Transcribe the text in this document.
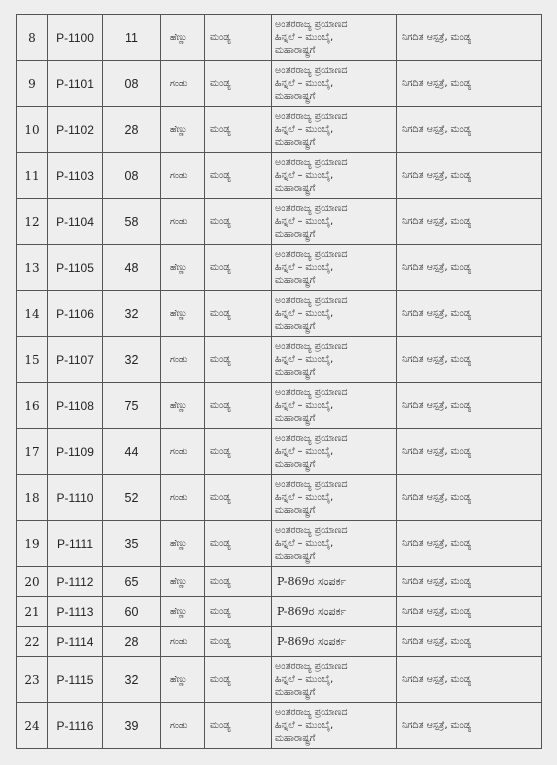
8	P-1100	11	ಹೆಣ್ಣು	ಮಂಡ್ಯ	ಅಂತರರಾಜ್ಯ ಪ್ರಯಾಣದ
ಹಿನ್ನಲೆ – ಮುಂಬೈ,
ಮಹಾರಾಷ್ಟ್ರಗೆ	ನಿಗದಿತ ಆಸ್ಪತ್ರೆ, ಮಂಡ್ಯ
9	P-1101	08	ಗಂಡು	ಮಂಡ್ಯ	ಅಂತರರಾಜ್ಯ ಪ್ರಯಾಣದ
ಹಿನ್ನಲೆ – ಮುಂಬೈ,
ಮಹಾರಾಷ್ಟ್ರಗೆ	ನಿಗದಿತ ಆಸ್ಪತ್ರೆ, ಮಂಡ್ಯ
10	P-1102	28	ಹೆಣ್ಣು	ಮಂಡ್ಯ	ಅಂತರರಾಜ್ಯ ಪ್ರಯಾಣದ
ಹಿನ್ನಲೆ – ಮುಂಬೈ,
ಮಹಾರಾಷ್ಟ್ರಗೆ	ನಿಗದಿತ ಆಸ್ಪತ್ರೆ, ಮಂಡ್ಯ
11	P-1103	08	ಗಂಡು	ಮಂಡ್ಯ	ಅಂತರರಾಜ್ಯ ಪ್ರಯಾಣದ
ಹಿನ್ನಲೆ – ಮುಂಬೈ,
ಮಹಾರಾಷ್ಟ್ರಗೆ	ನಿಗದಿತ ಆಸ್ಪತ್ರೆ, ಮಂಡ್ಯ
12	P-1104	58	ಗಂಡು	ಮಂಡ್ಯ	ಅಂತರರಾಜ್ಯ ಪ್ರಯಾಣದ
ಹಿನ್ನಲೆ – ಮುಂಬೈ,
ಮಹಾರಾಷ್ಟ್ರಗೆ	ನಿಗದಿತ ಆಸ್ಪತ್ರೆ, ಮಂಡ್ಯ
13	P-1105	48	ಹೆಣ್ಣು	ಮಂಡ್ಯ	ಅಂತರರಾಜ್ಯ ಪ್ರಯಾಣದ
ಹಿನ್ನಲೆ – ಮುಂಬೈ,
ಮಹಾರಾಷ್ಟ್ರಗೆ	ನಿಗದಿತ ಆಸ್ಪತ್ರೆ, ಮಂಡ್ಯ
14	P-1106	32	ಹೆಣ್ಣು	ಮಂಡ್ಯ	ಅಂತರರಾಜ್ಯ ಪ್ರಯಾಣದ
ಹಿನ್ನಲೆ – ಮುಂಬೈ,
ಮಹಾರಾಷ್ಟ್ರಗೆ	ನಿಗದಿತ ಆಸ್ಪತ್ರೆ, ಮಂಡ್ಯ
15	P-1107	32	ಗಂಡು	ಮಂಡ್ಯ	ಅಂತರರಾಜ್ಯ ಪ್ರಯಾಣದ
ಹಿನ್ನಲೆ – ಮುಂಬೈ,
ಮಹಾರಾಷ್ಟ್ರಗೆ	ನಿಗದಿತ ಆಸ್ಪತ್ರೆ, ಮಂಡ್ಯ
16	P-1108	75	ಹೆಣ್ಣು	ಮಂಡ್ಯ	ಅಂತರರಾಜ್ಯ ಪ್ರಯಾಣದ
ಹಿನ್ನಲೆ – ಮುಂಬೈ,
ಮಹಾರಾಷ್ಟ್ರಗೆ	ನಿಗದಿತ ಆಸ್ಪತ್ರೆ, ಮಂಡ್ಯ
17	P-1109	44	ಗಂಡು	ಮಂಡ್ಯ	ಅಂತರರಾಜ್ಯ ಪ್ರಯಾಣದ
ಹಿನ್ನಲೆ – ಮುಂಬೈ,
ಮಹಾರಾಷ್ಟ್ರಗೆ	ನಿಗದಿತ ಆಸ್ಪತ್ರೆ, ಮಂಡ್ಯ
18	P-1110	52	ಗಂಡು	ಮಂಡ್ಯ	ಅಂತರರಾಜ್ಯ ಪ್ರಯಾಣದ
ಹಿನ್ನಲೆ – ಮುಂಬೈ,
ಮಹಾರಾಷ್ಟ್ರಗೆ	ನಿಗದಿತ ಆಸ್ಪತ್ರೆ, ಮಂಡ್ಯ
19	P-1111	35	ಹೆಣ್ಣು	ಮಂಡ್ಯ	ಅಂತರರಾಜ್ಯ ಪ್ರಯಾಣದ
ಹಿನ್ನಲೆ – ಮುಂಬೈ,
ಮಹಾರಾಷ್ಟ್ರಗೆ	ನಿಗದಿತ ಆಸ್ಪತ್ರೆ, ಮಂಡ್ಯ
20	P-1112	65	ಹೆಣ್ಣು	ಮಂಡ್ಯ	P-869ರ ಸಂಪರ್ಕ	ನಿಗದಿತ ಆಸ್ಪತ್ರೆ, ಮಂಡ್ಯ
21	P-1113	60	ಹೆಣ್ಣು	ಮಂಡ್ಯ	P-869ರ ಸಂಪರ್ಕ	ನಿಗದಿತ ಆಸ್ಪತ್ರೆ, ಮಂಡ್ಯ
22	P-1114	28	ಗಂಡು	ಮಂಡ್ಯ	P-869ರ ಸಂಪರ್ಕ	ನಿಗದಿತ ಆಸ್ಪತ್ರೆ, ಮಂಡ್ಯ
23	P-1115	32	ಹೆಣ್ಣು	ಮಂಡ್ಯ	ಅಂತರರಾಜ್ಯ ಪ್ರಯಾಣದ
ಹಿನ್ನಲೆ – ಮುಂಬೈ,
ಮಹಾರಾಷ್ಟ್ರಗೆ	ನಿಗದಿತ ಆಸ್ಪತ್ರೆ, ಮಂಡ್ಯ
24	P-1116	39	ಗಂಡು	ಮಂಡ್ಯ	ಅಂತರರಾಜ್ಯ ಪ್ರಯಾಣದ
ಹಿನ್ನಲೆ – ಮುಂಬೈ,
ಮಹಾರಾಷ್ಟ್ರಗೆ	ನಿಗದಿತ ಆಸ್ಪತ್ರೆ, ಮಂಡ್ಯ
